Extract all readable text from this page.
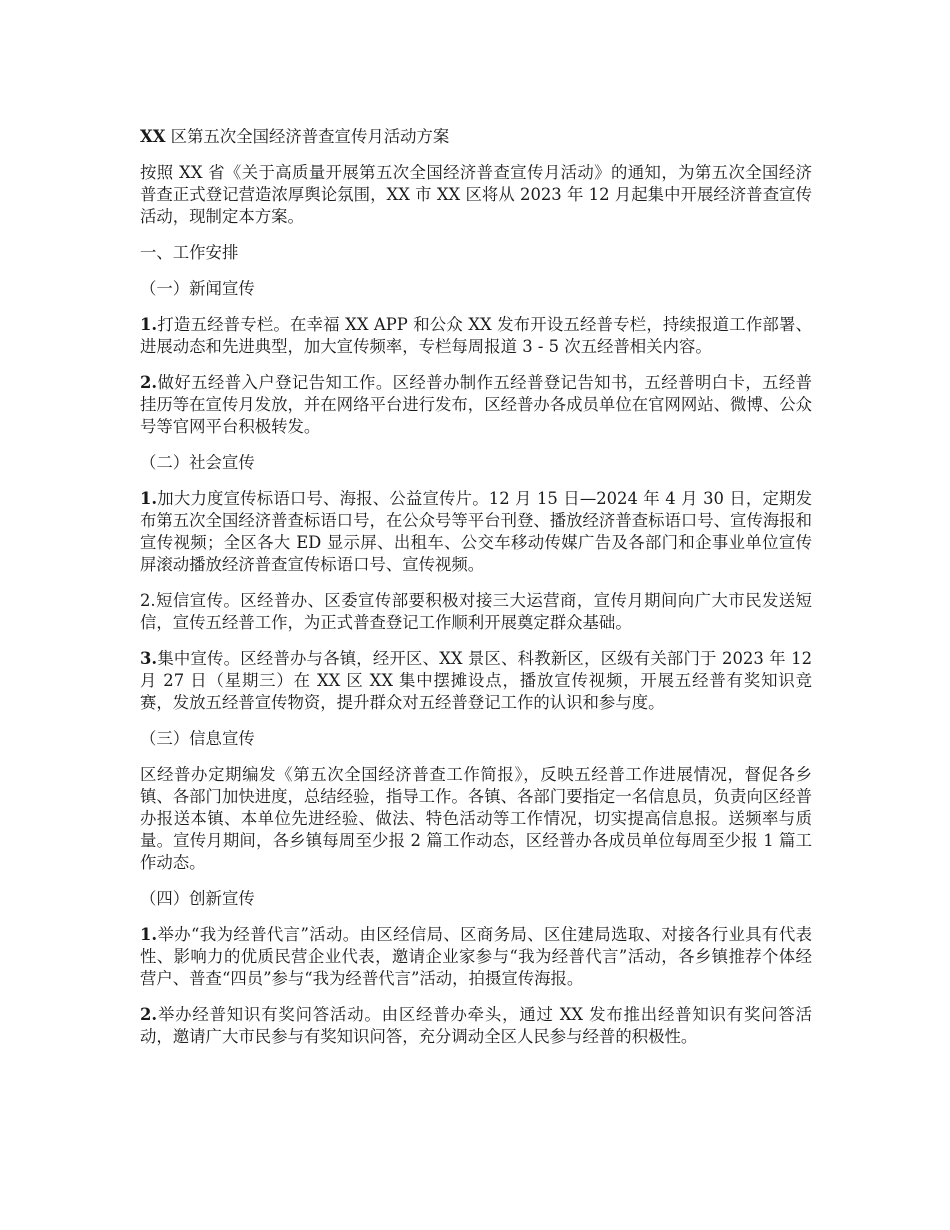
XX 区第五次全国经济普查宣传月活动方案

按照 XX 省《关于高质量开展第五次全国经济普查宣传月活动》的通知，为第五次全国经济普查正式登记营造浓厚舆论氛围，XX 市 XX 区将从 2023 年 12 月起集中开展经济普查宣传活动，现制定本方案。

一、工作安排

（一）新闻宣传

1.打造五经普专栏。在幸福 XX APP 和公众 XX 发布开设五经普专栏，持续报道工作部署、进展动态和先进典型，加大宣传频率，专栏每周报道 3 - 5 次五经普相关内容。

2.做好五经普入户登记告知工作。区经普办制作五经普登记告知书，五经普明白卡，五经普挂历等在宣传月发放，并在网络平台进行发布，区经普办各成员单位在官网网站、微博、公众号等官网平台积极转发。

（二）社会宣传

1.加大力度宣传标语口号、海报、公益宣传片。12 月 15 日—2024 年 4 月 30 日，定期发布第五次全国经济普查标语口号，在公众号等平台刊登、播放经济普查标语口号、宣传海报和宣传视频；全区各大 ED 显示屏、出租车、公交车移动传媒广告及各部门和企事业单位宣传屏滚动播放经济普查宣传标语口号、宣传视频。

2.短信宣传。区经普办、区委宣传部要积极对接三大运营商，宣传月期间向广大市民发送短信，宣传五经普工作，为正式普查登记工作顺利开展奠定群众基础。

3.集中宣传。区经普办与各镇，经开区、XX 景区、科教新区，区级有关部门于 2023 年 12 月 27 日（星期三）在 XX 区 XX 集中摆摊设点，播放宣传视频，开展五经普有奖知识竞赛，发放五经普宣传物资，提升群众对五经普登记工作的认识和参与度。

（三）信息宣传

区经普办定期编发《第五次全国经济普查工作简报》，反映五经普工作进展情况，督促各乡镇、各部门加快进度，总结经验，指导工作。各镇、各部门要指定一名信息员，负责向区经普办报送本镇、本单位先进经验、做法、特色活动等工作情况，切实提高信息报。送频率与质量。宣传月期间，各乡镇每周至少报 2 篇工作动态，区经普办各成员单位每周至少报 1 篇工作动态。

（四）创新宣传

1.举办“我为经普代言”活动。由区经信局、区商务局、区住建局选取、对接各行业具有代表性、影响力的优质民营企业代表，邀请企业家参与“我为经普代言”活动，各乡镇推荐个体经营户、普查“四员”参与“我为经普代言”活动，拍摄宣传海报。

2.举办经普知识有奖问答活动。由区经普办牵头，通过 XX 发布推出经普知识有奖问答活动，邀请广大市民参与有奖知识问答，充分调动全区人民参与经普的积极性。
